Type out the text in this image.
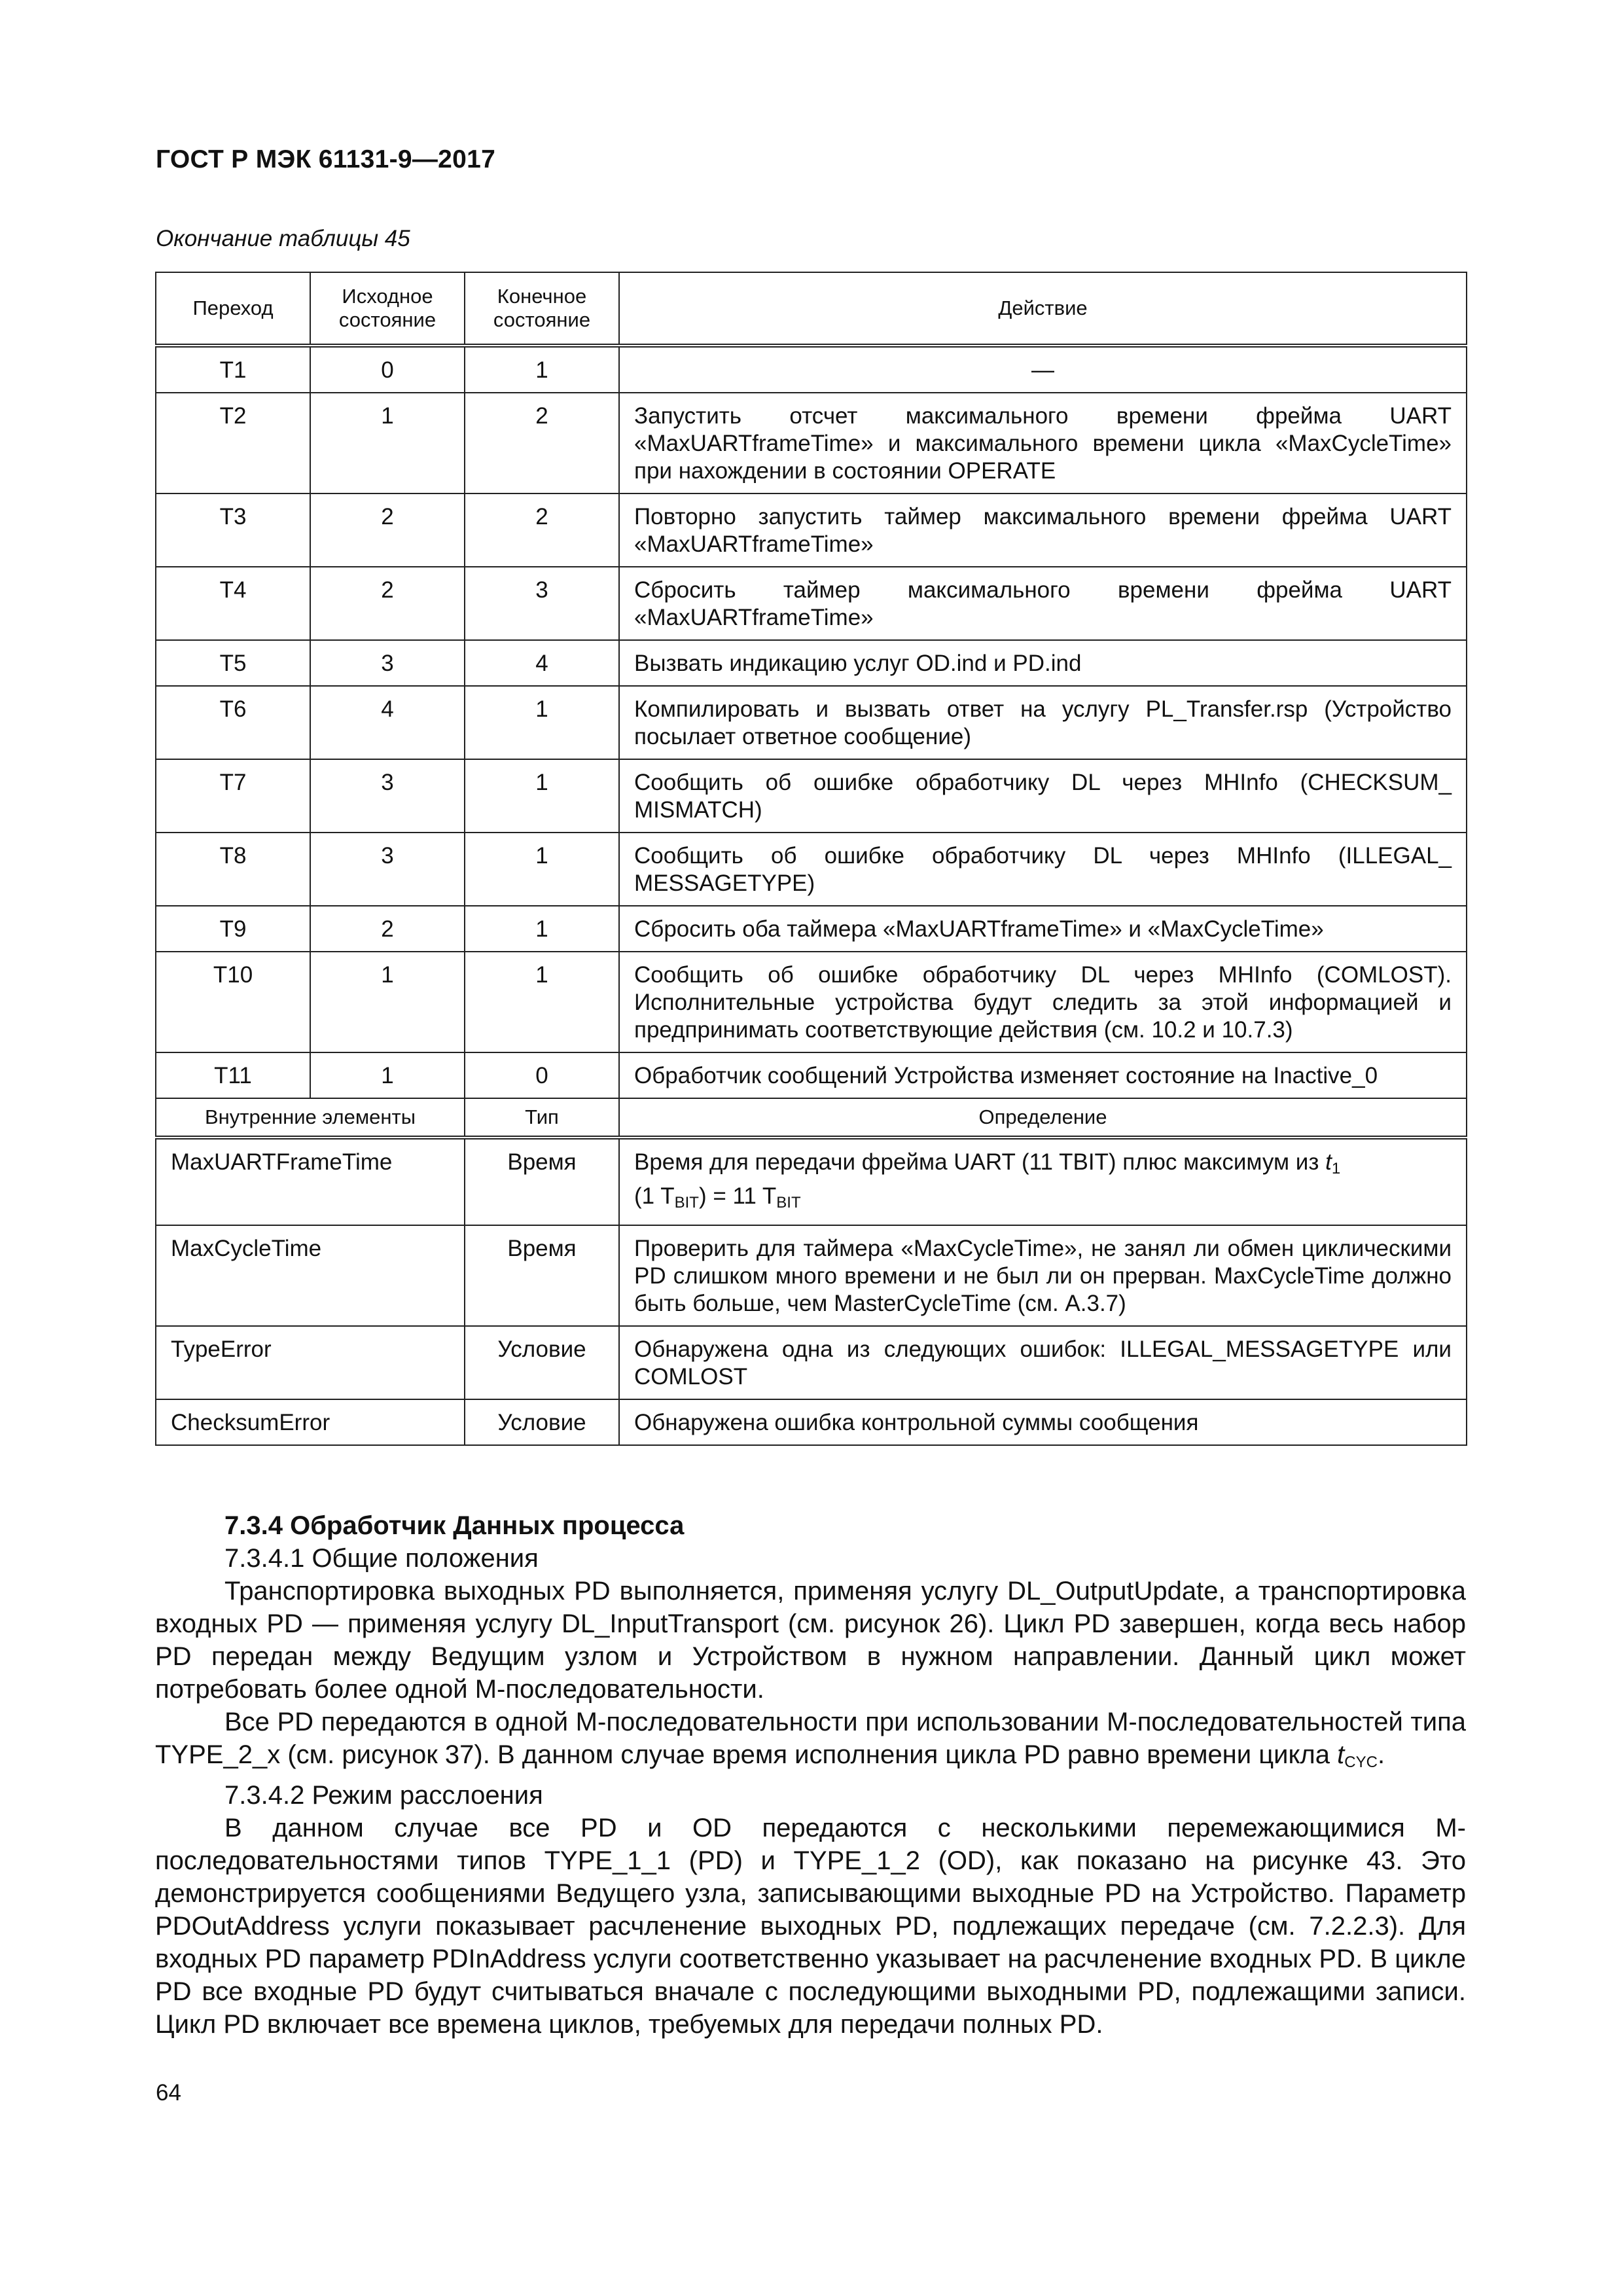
ГОСТ Р МЭК 61131-9—2017
Окончание таблицы 45
Переход	Исходное состояние	Конечное состояние	Действие
T1	0	1	—
T2	1	2	Запустить отсчет максимального времени фрейма UART «MaxUARTframeTime» и максимального времени цикла «MaxCycleTime» при нахождении в состоянии OPERATE
T3	2	2	Повторно запустить таймер максимального времени фрейма UART «MaxUARTframeTime»
T4	2	3	Сбросить таймер максимального времени фрейма UART «MaxUARTframeTime»
T5	3	4	Вызвать индикацию услуг OD.ind и PD.ind
T6	4	1	Компилировать и вызвать ответ на услугу PL_Transfer.rsp (Устройство посылает ответное сообщение)
T7	3	1	Сообщить об ошибке обработчику DL через MHInfo (CHECKSUM_ MISMATCH)
T8	3	1	Сообщить об ошибке обработчику DL через MHInfo (ILLEGAL_ MESSAGETYPE)
T9	2	1	Сбросить оба таймера «MaxUARTframeTime» и «MaxCycleTime»
T10	1	1	Сообщить об ошибке обработчику DL через MHInfo (COMLOST). Исполнительные устройства будут следить за этой информацией и предпринимать соответствующие действия (см. 10.2 и 10.7.3)
T11	1	0	Обработчик сообщений Устройства изменяет состояние на Inactive_0
Внутренние элементы		Тип	Определение
MaxUARTFrameTime		Время	Время для передачи фрейма UART (11 TBIT) плюс максимум из $t_1$
(1 $T_{BIT}) = 11$ $T_{BIT}$
MaxCycleTime		Время	Проверить для таймера «MaxCycleTime», не занял ли обмен циклическими PD слишком много времени и не был ли он прерван. MaxCycleTime должно быть больше, чем MasterCycleTime (см. A.3.7)
TypeError		Условие	Обнаружена одна из следующих ошибок: ILLEGAL_MESSAGETYPE или COMLOST
ChecksumError		Условие	Обнаружена ошибка контрольной суммы сообщения

7.3.4 Обработчик Данных процесса

7.3.4.1 Общие положения

Транспортировка выходных PD выполняется, применяя услугу DL_OutputUpdate, а транспортировка входных PD — применяя услугу DL_InputTransport (см. рисунок 26). Цикл PD завершен, когда весь набор PD передан между Ведущим узлом и Устройством в нужном направлении. Данный цикл может потребовать более одной M-последовательности.

Все PD передаются в одной M-последовательности при использовании M-последовательностей типа TYPE_2_x (см. рисунок 37). В данном случае время исполнения цикла PD равно времени цикла $t_{CYC}$.

7.3.4.2 Режим расслоения

В данном случае все PD и OD передаются с несколькими перемежающимися M-последовательностями типов TYPE_1_1 (PD) и TYPE_1_2 (OD), как показано на рисунке 43. Это демонстрируется сообщениями Ведущего узла, записывающими выходные PD на Устройство. Параметр PDOutAddress услуги показывает расчленение выходных PD, подлежащих передаче (см. 7.2.2.3). Для входных PD параметр PDInAddress услуги соответственно указывает на расчленение входных PD. В цикле PD все входные PD будут считываться вначале с последующими выходными PD, подлежащими записи. Цикл PD включает все времена циклов, требуемых для передачи полных PD.

64
